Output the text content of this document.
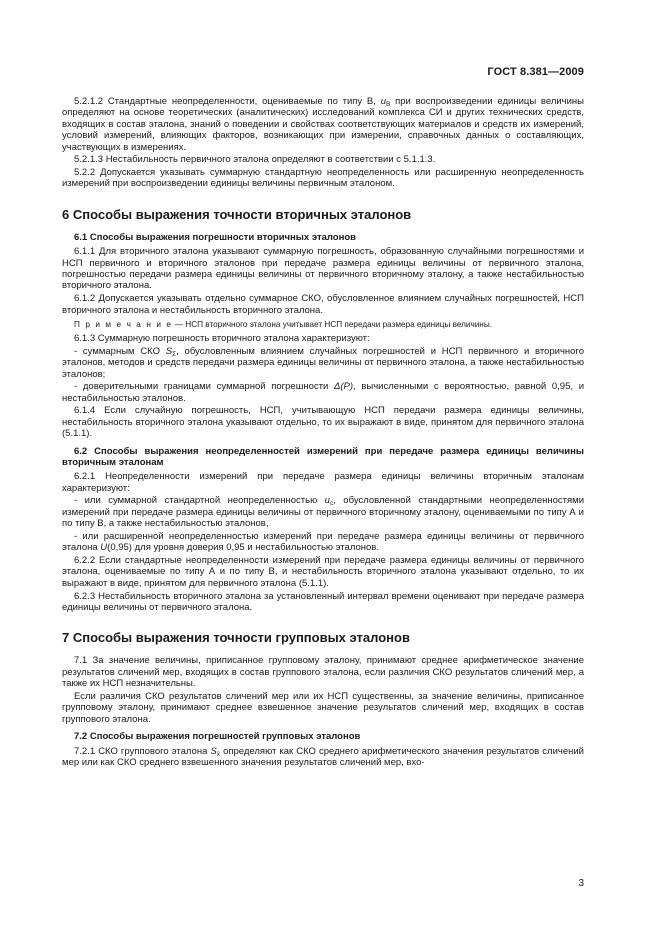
ГОСТ 8.381—2009

5.2.1.2 Стандартные неопределенности, оцениваемые по типу В, $u_B$ при воспроизведении единицы величины определяют на основе теоретических (аналитических) исследований комплекса СИ и других технических средств, входящих в состав эталона, знаний о поведении и свойствах соответствующих материалов и средств их измерений, условий измерений, влияющих факторов, возникающих при измерении, справочных данных о составляющих, участвующих в измерениях.

5.2.1.3 Нестабильность первичного эталона определяют в соответствии с 5.1.1.3.

5.2.2 Допускается указывать суммарную стандартную неопределенность или расширенную неопределенность измерений при воспроизведении единицы величины первичным эталоном.

6 Способы выражения точности вторичных эталонов
6.1 Способы выражения погрешности вторичных эталонов

6.1.1 Для вторичного эталона указывают суммарную погрешность, образованную случайными погрешностями и НСП первичного и вторичного эталонов при передаче размера единицы величины от первичного эталона, погрешностью передачи размера единицы величины от первичного вторичному эталону, а также нестабильностью вторичного эталона.

6.1.2 Допускается указывать отдельно суммарное СКО, обусловленное влиянием случайных погрешностей, НСП вторичного эталона и нестабильность вторичного эталона.

П р и м е ч а н и е — НСП вторичного эталона учитывает НСП передачи размера единицы величины.

6.1.3 Суммарную погрешность вторичного эталона характеризуют:

- суммарным СКО $S_\Sigma$, обусловленным влиянием случайных погрешностей и НСП первичного и вторичного эталонов, методов и средств передачи размера единицы величины от первичного эталона, а также нестабильностью эталонов;

- доверительными границами суммарной погрешности Δ(P), вычисленными с вероятностью, равной 0,95, и нестабильностью эталонов.

6.1.4 Если случайную погрешность, НСП, учитывающую НСП передачи размера единицы величины, нестабильность вторичного эталона указывают отдельно, то их выражают в виде, принятом для первичного эталона (5.1.1).

6.2 Способы выражения неопределенностей измерений при передаче размера единицы величины вторичным эталонам

6.2.1 Неопределенности измерений при передаче размера единицы величины вторичным эталонам характеризуют:

- или суммарной стандартной неопределенностью $u_c$, обусловленной стандартными неопределенностями измерений при передаче размера единицы величины от первичного вторичному эталону, оцениваемыми по типу А и по типу В, а также нестабильностью эталонов,

- или расширенной неопределенностью измерений при передаче размера единицы величины от первичного эталона U(0,95) для уровня доверия 0,95 и нестабильностью эталонов.

6.2.2 Если стандартные неопределенности измерений при передаче размера единицы величины от первичного эталона, оцениваемые по типу А и по типу В, и нестабильность вторичного эталона указывают отдельно, то их выражают в виде, принятом для первичного эталона (5.1.1).

6.2.3 Нестабильность вторичного эталона за установленный интервал времени оценивают при передаче размера единицы величины от первичного эталона.

7 Способы выражения точности групповых эталонов

7.1 За значение величины, приписанное групповому эталону, принимают среднее арифметическое значение результатов сличений мер, входящих в состав группового эталона, если различия СКО результатов сличений мер, а также их НСП незначительны.

Если различия СКО результатов сличений мер или их НСП существенны, за значение величины, приписанное групповому эталону, принимают среднее взвешенное значение результатов сличений мер, входящих в состав группового эталона.

7.2 Способы выражения погрешностей групповых эталонов

7.2.1 СКО группового эталона $S_{x̄}$ определяют как СКО среднего арифметического значения результатов сличений мер или как СКО среднего взвешенного значения результатов сличений мер, вхо-

3
